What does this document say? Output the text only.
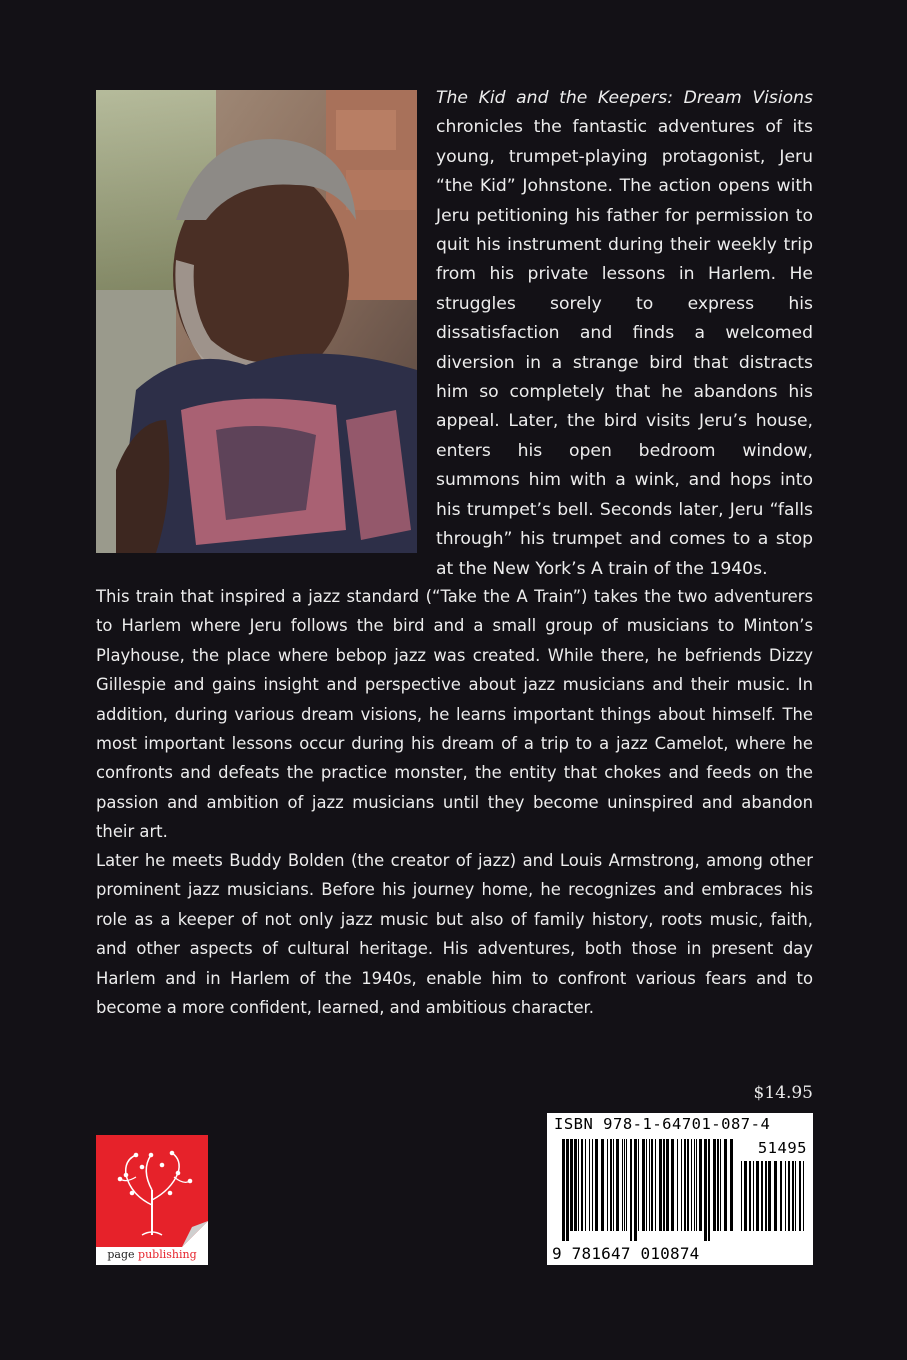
The Kid and the Keepers: Dream Visions chronicles the fantastic adventures of its young, trumpet-playing protagonist, Jeru “the Kid” Johnstone. The action opens with Jeru petitioning his father for permission to quit his instrument during their weekly trip from his private lessons in Harlem. He struggles sorely to express his dissatisfaction and finds a welcomed diversion in a strange bird that distracts him so completely that he abandons his appeal. Later, the bird visits Jeru’s house, enters his open bedroom window, summons him with a wink, and hops into his trumpet’s bell. Seconds later, Jeru “falls through” his trumpet and comes to a stop at the New York’s A train of the 1940s.

This train that inspired a jazz standard (“Take the A Train”) takes the two adventurers to Harlem where Jeru follows the bird and a small group of musicians to Minton’s Playhouse, the place where bebop jazz was created. While there, he befriends Dizzy Gillespie and gains insight and perspective about jazz musicians and their music. In addition, during various dream visions, he learns important things about himself. The most important lessons occur during his dream of a trip to a jazz Camelot, where he confronts and defeats the practice monster, the entity that chokes and feeds on the passion and ambition of jazz musicians until they become uninspired and abandon their art.

Later he meets Buddy Bolden (the creator of jazz) and Louis Armstrong, among other prominent jazz musicians. Before his journey home, he recognizes and embraces his role as a keeper of not only jazz music but also of family history, roots music, faith, and other aspects of cultural heritage. His adventures, both those in present day Harlem and in Harlem of the 1940s, enable him to confront various fears and to become a more confident, learned, and ambitious character.

$14.95
ISBN 978-1-64701-087-4
51495
9 781647 010874
page publishing
